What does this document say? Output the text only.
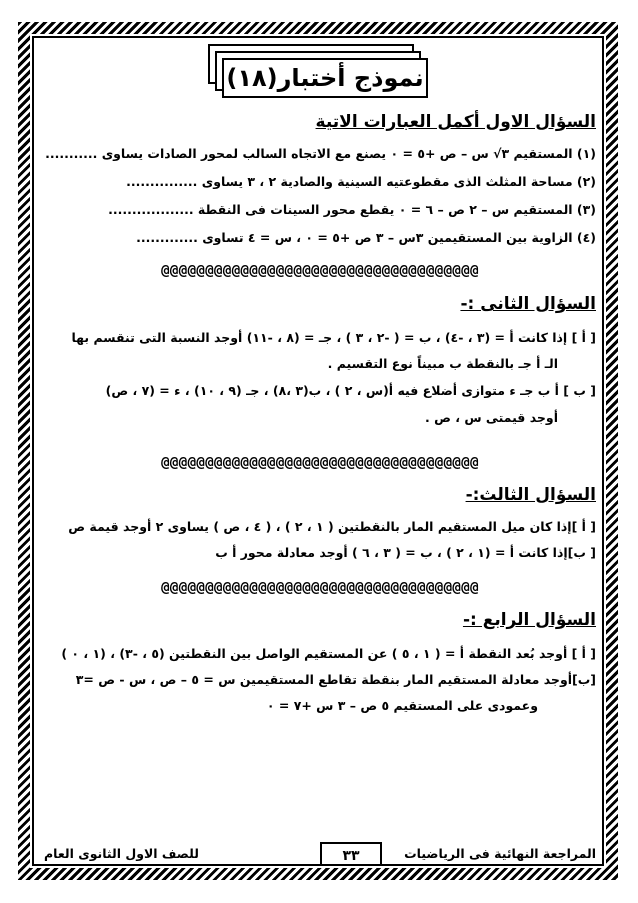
نموذج أختبار(١٨)
السؤال الاول أكمل العبارات الاتية
(١) المستقيم ٣√ س – ص +٥ = ٠ يصنع مع الاتجاه السالب لمحور الصادات يساوى ...........
(٢) مساحة المثلث الذى مقطوعتيه السينية والصادية ٢ ، ٣ يساوى ...............
(٣) المستقيم س – ٢ ص – ٦ = ٠ يقطع محور السينات فى النقطة ..................
(٤) الزاوية بين المستقيمين ٣س – ٣ ص +٥ = ٠ ، س = ٤ تساوى .............
@@@@@@@@@@@@@@@@@@@@@@@@@@@@@@@@@@@@
السؤال الثانى :-
[ أ ] إذا كانت أ = (٣ ، -٤) ، ب = ( -٢ ، ٣ ) ، جـ = (٨ ، -١١) أوجد النسبة التى تنقسم بها
الـ أ جـ بالنقطة ب مبيناً نوع التقسيم .
[ ب ] أ ب جـ ء متوازى أضلاع فيه أ(س ، ٢ ) ، ب(٣ ،٨) ، جـ (٩ ، ١٠) ، ء = (٧ ، ص)
أوجد قيمتى س ، ص .
@@@@@@@@@@@@@@@@@@@@@@@@@@@@@@@@@@@@
السؤال الثالث:-
[ أ ]إذا كان ميل المستقيم المار بالنقطتين ( ١ ، ٢ ) ، ( ٤ ، ص ) يساوى ٢ أوجد قيمة ص
[ ب]إذا كانت أ = (١ ، ٢ ) ، ب = ( ٣ ، ٦ ) أوجد معادلة محور أ ب
@@@@@@@@@@@@@@@@@@@@@@@@@@@@@@@@@@@@
السؤال الرابع :-
[ أ ] أوجد بُعد النقطة أ = ( ١ ، ٥ ) عن المستقيم الواصل بين النقطتين (٥ ، -٣) ، (١ ، ٠ )
[ب]أوجد معادلة المستقيم المار بنقطة تقاطع المستقيمين س = ٥ – ص ، س - ص =٣
وعمودى على المستقيم ٥ ص – ٣ س +٧ = ٠
المراجعة النهائية فى الرياضيات
٣٣
للصف الاول الثانوى العام
